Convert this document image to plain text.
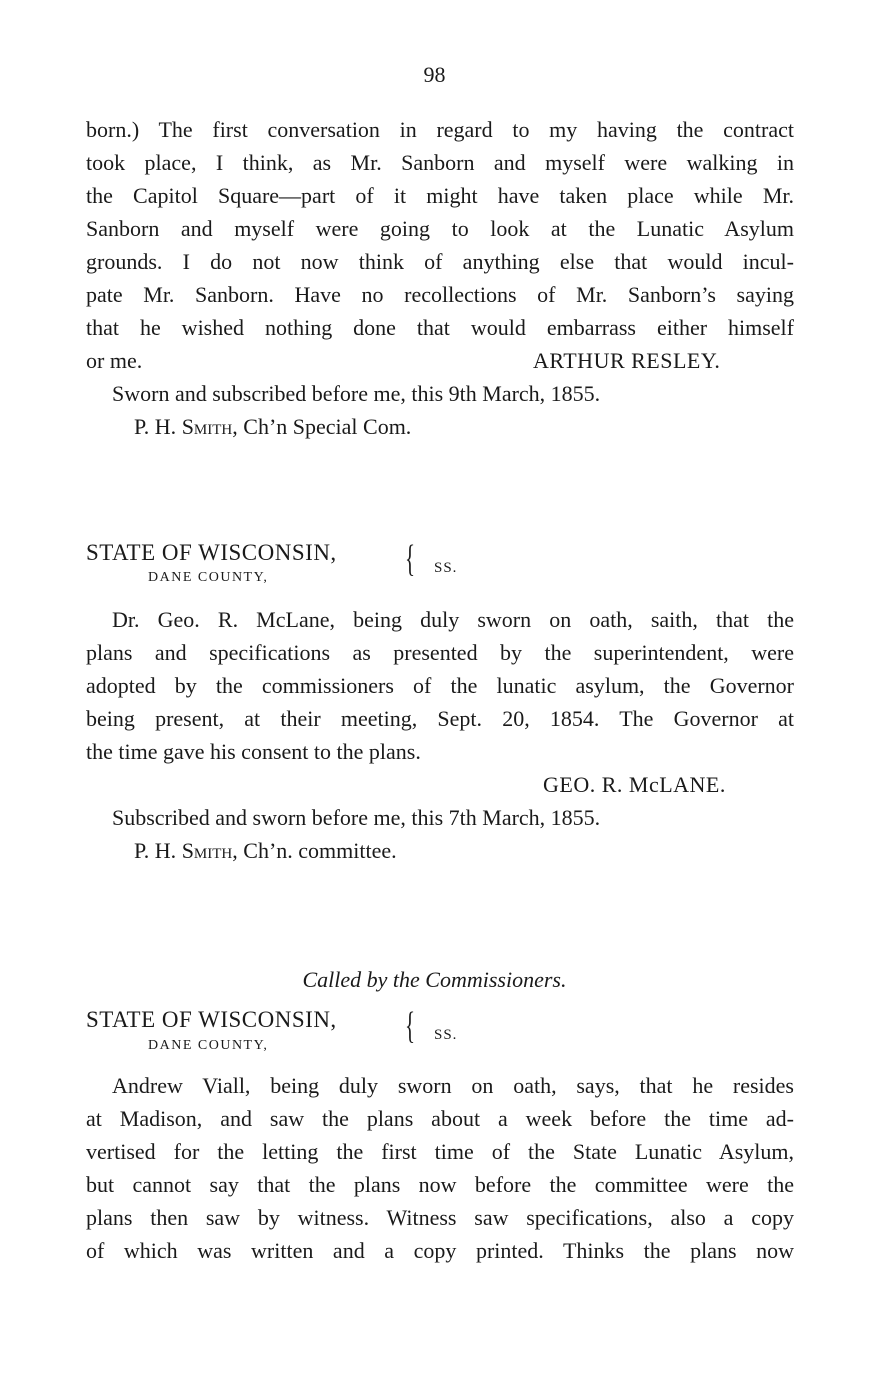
98
born.) The first conversation in regard to my having the contract
took place, I think, as Mr. Sanborn and myself were walking in
the Capitol Square—part of it might have taken place while Mr.
Sanborn and myself were going to look at the Lunatic Asylum
grounds. I do not now think of anything else that would incul-
pate Mr. Sanborn. Have no recollections of Mr. Sanborn’s saying
that he wished nothing done that would embarrass either himself
or me.	ARTHUR RESLEY.
Sworn and subscribed before me, this 9th March, 1855.
P. H. Smith, Ch’n Special Com.
STATE OF WISCONSIN,
DANE COUNTY,	{ SS.
Dr. Geo. R. McLane, being duly sworn on oath, saith, that the
plans and specifications as presented by the superintendent, were
adopted by the commissioners of the lunatic asylum, the Governor
being present, at their meeting, Sept. 20, 1854. The Governor at
the time gave his consent to the plans.
GEO. R. McLANE.
Subscribed and sworn before me, this 7th March, 1855.
P. H. Smith, Ch’n. committee.
Called by the Commissioners.
STATE OF WISCONSIN,
DANE COUNTY,	{ SS.
Andrew Viall, being duly sworn on oath, says, that he resides
at Madison, and saw the plans about a week before the time ad-
vertised for the letting the first time of the State Lunatic Asylum,
but cannot say that the plans now before the committee were the
plans then saw by witness. Witness saw specifications, also a copy
of which was written and a copy printed. Thinks the plans now
